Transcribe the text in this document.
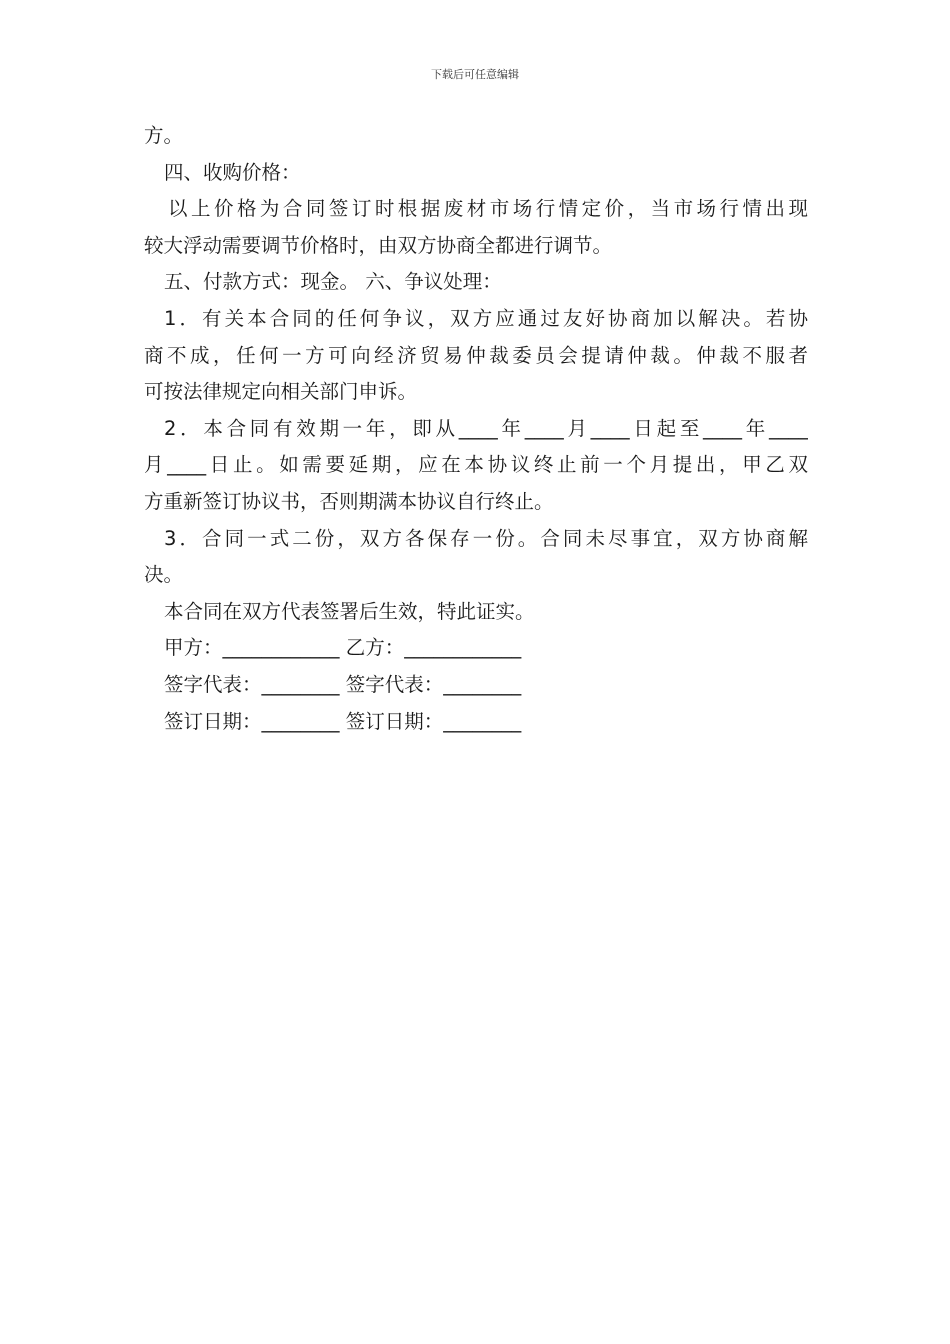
下载后可任意编辑
方。
四、收购价格：
以上价格为合同签订时根据废材市场行情定价，当市场行情出现
较大浮动需要调节价格时，由双方协商全都进行调节。
五、付款方式：现金。 六、争议处理：
1．有关本合同的任何争议，双方应通过友好协商加以解决。若协
商不成，任何一方可向经济贸易仲裁委员会提请仲裁。仲裁不服者
可按法律规定向相关部门申诉。
2．本合同有效期一年，即从____年____月____日起至____年____
月____日止。如需要延期，应在本协议终止前一个月提出，甲乙双
方重新签订协议书，否则期满本协议自行终止。
3．合同一式二份，双方各保存一份。合同未尽事宜，双方协商解
决。
本合同在双方代表签署后生效，特此证实。
甲方：____________ 乙方：____________
签字代表：________ 签字代表：________
签订日期：________ 签订日期：________
